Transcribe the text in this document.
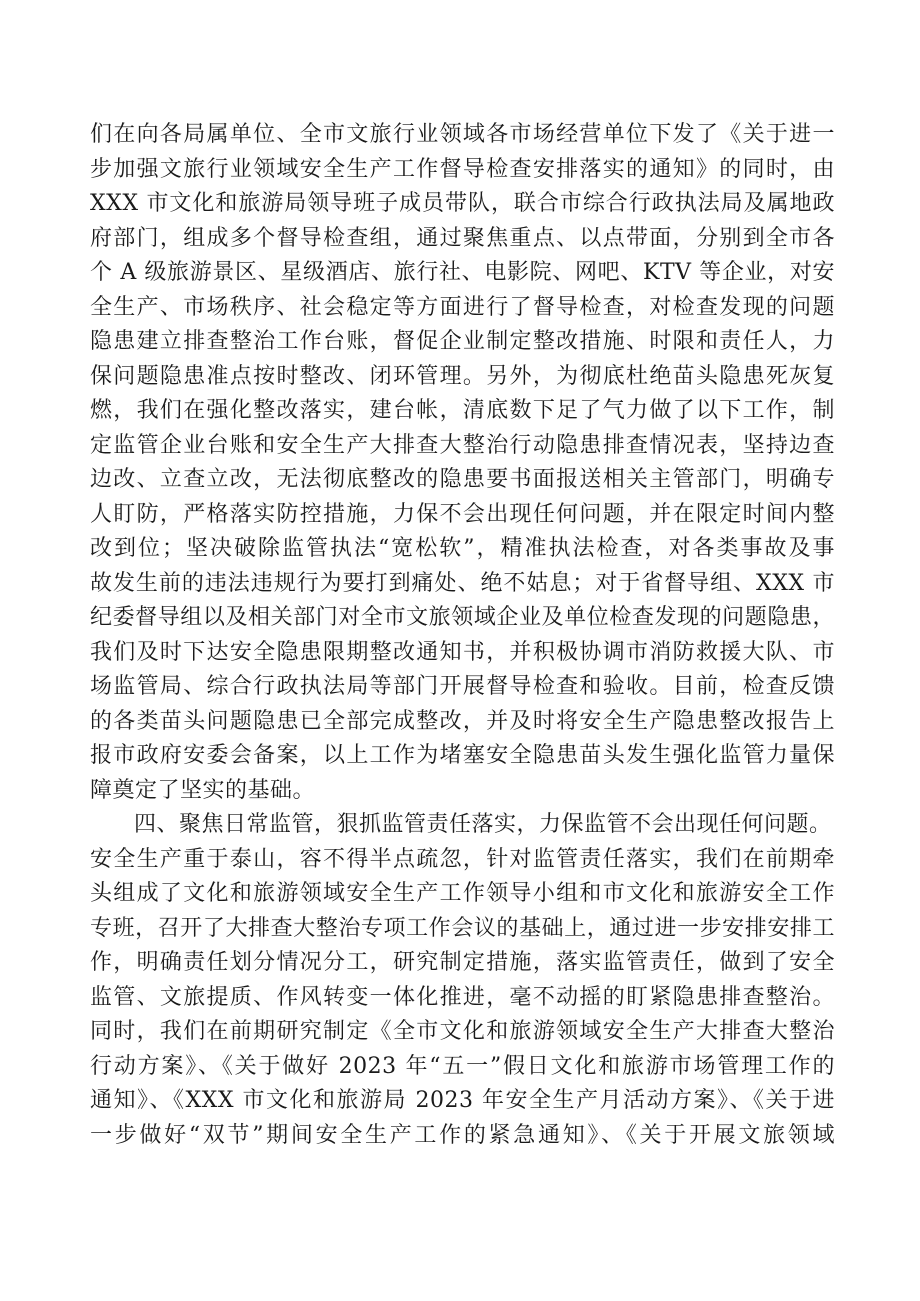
们在向各局属单位、全市文旅行业领域各市场经营单位下发了《关于进一
步加强文旅行业领域安全生产工作督导检查安排落实的通知》的同时，由
XXX 市文化和旅游局领导班子成员带队，联合市综合行政执法局及属地政
府部门，组成多个督导检查组，通过聚焦重点、以点带面，分别到全市各
个 A 级旅游景区、星级酒店、旅行社、电影院、网吧、KTV 等企业，对安
全生产、市场秩序、社会稳定等方面进行了督导检查，对检查发现的问题
隐患建立排查整治工作台账，督促企业制定整改措施、时限和责任人，力
保问题隐患准点按时整改、闭环管理。另外，为彻底杜绝苗头隐患死灰复
燃，我们在强化整改落实，建台帐，清底数下足了气力做了以下工作，制
定监管企业台账和安全生产大排查大整治行动隐患排查情况表，坚持边查
边改、立查立改，无法彻底整改的隐患要书面报送相关主管部门，明确专
人盯防，严格落实防控措施，力保不会出现任何问题，并在限定时间内整
改到位；坚决破除监管执法“宽松软”，精准执法检查，对各类事故及事
故发生前的违法违规行为要打到痛处、绝不姑息；对于省督导组、XXX 市
纪委督导组以及相关部门对全市文旅领域企业及单位检查发现的问题隐患，
我们及时下达安全隐患限期整改通知书，并积极协调市消防救援大队、市
场监管局、综合行政执法局等部门开展督导检查和验收。目前，检查反馈
的各类苗头问题隐患已全部完成整改，并及时将安全生产隐患整改报告上
报市政府安委会备案，以上工作为堵塞安全隐患苗头发生强化监管力量保
障奠定了坚实的基础。
四、聚焦日常监管，狠抓监管责任落实，力保监管不会出现任何问题。
安全生产重于泰山，容不得半点疏忽，针对监管责任落实，我们在前期牵
头组成了文化和旅游领域安全生产工作领导小组和市文化和旅游安全工作
专班，召开了大排查大整治专项工作会议的基础上，通过进一步安排安排工
作，明确责任划分情况分工，研究制定措施，落实监管责任，做到了安全
监管、文旅提质、作风转变一体化推进，毫不动摇的盯紧隐患排查整治。
同时，我们在前期研究制定《全市文化和旅游领域安全生产大排查大整治
行动方案》、《关于做好 2023 年“五一”假日文化和旅游市场管理工作的
通知》、《XXX 市文化和旅游局 2023 年安全生产月活动方案》、《关于进
一步做好“双节”期间安全生产工作的紧急通知》、《关于开展文旅领域
